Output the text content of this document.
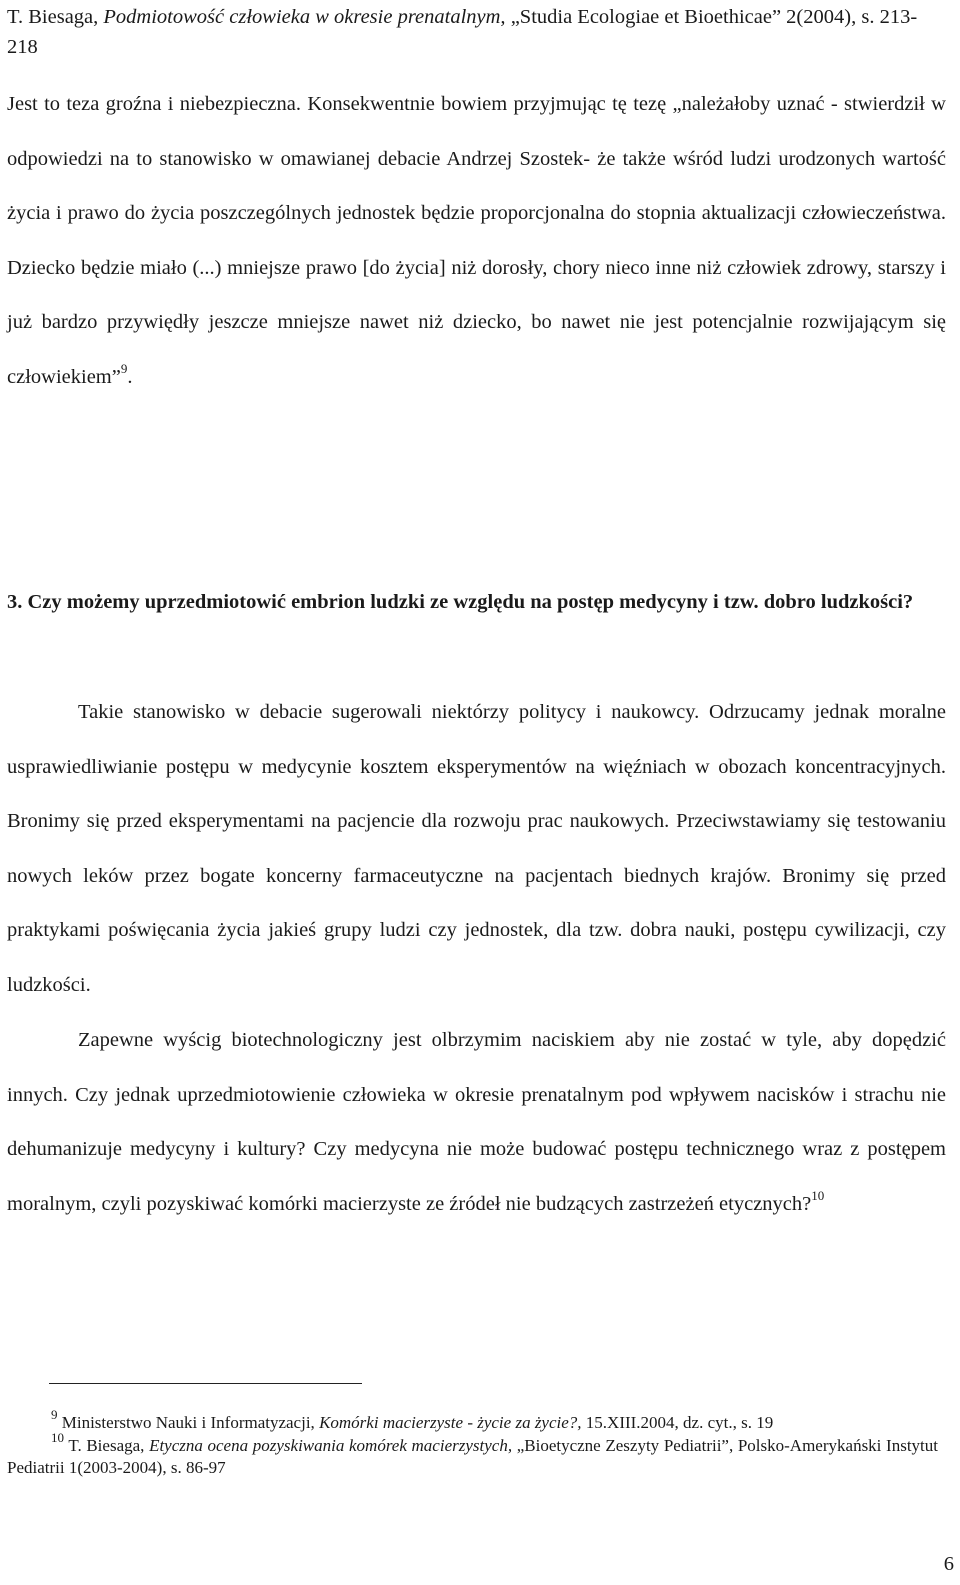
T. Biesaga, Podmiotowość człowieka w okresie prenatalnym, „Studia Ecologiae et Bioethicae” 2(2004), s. 213-218

Jest to teza groźna i niebezpieczna. Konsekwentnie bowiem przyjmując tę tezę „należałoby uznać - stwierdził w odpowiedzi na to stanowisko w omawianej debacie Andrzej Szostek- że także wśród ludzi urodzonych wartość życia i prawo do życia poszczególnych jednostek będzie proporcjonalna do stopnia aktualizacji człowieczeństwa. Dziecko będzie miało (...) mniejsze prawo [do życia] niż dorosły, chory nieco inne niż człowiek zdrowy, starszy i już bardzo przywiędły jeszcze mniejsze nawet niż dziecko, bo nawet nie jest potencjalnie rozwijającym się człowiekiem”$^9$.

3. Czy możemy uprzedmiotowić embrion ludzki ze względu na postęp medycyny i tzw. dobro ludzkości?

Takie stanowisko w debacie sugerowali niektórzy politycy i naukowcy. Odrzucamy jednak moralne usprawiedliwianie postępu w medycynie kosztem eksperymentów na więźniach w obozach koncentracyjnych. Bronimy się przed eksperymentami na pacjencie dla rozwoju prac naukowych. Przeciwstawiamy się testowaniu nowych leków przez bogate koncerny farmaceutyczne na pacjentach biednych krajów. Bronimy się przed praktykami poświęcania życia jakieś grupy ludzi czy jednostek, dla tzw. dobra nauki, postępu cywilizacji, czy ludzkości.

Zapewne wyścig biotechnologiczny jest olbrzymim naciskiem aby nie zostać w tyle, aby dopędzić innych. Czy jednak uprzedmiotowienie człowieka w okresie prenatalnym pod wpływem nacisków i strachu nie dehumanizuje medycyny i kultury? Czy medycyna nie może budować postępu technicznego wraz z postępem moralnym, czyli pozyskiwać komórki macierzyste ze źródeł nie budzących zastrzeżeń etycznych?$^{10}$

$^9$ Ministerstwo Nauki i Informatyzacji, Komórki macierzyste - życie za życie?, 15.XIII.2004, dz. cyt., s. 19

$^{10}$ T. Biesaga, Etyczna ocena pozyskiwania komórek macierzystych, „Bioetyczne Zeszyty Pediatrii”, Polsko-Amerykański Instytut Pediatrii 1(2003-2004), s. 86-97

6
